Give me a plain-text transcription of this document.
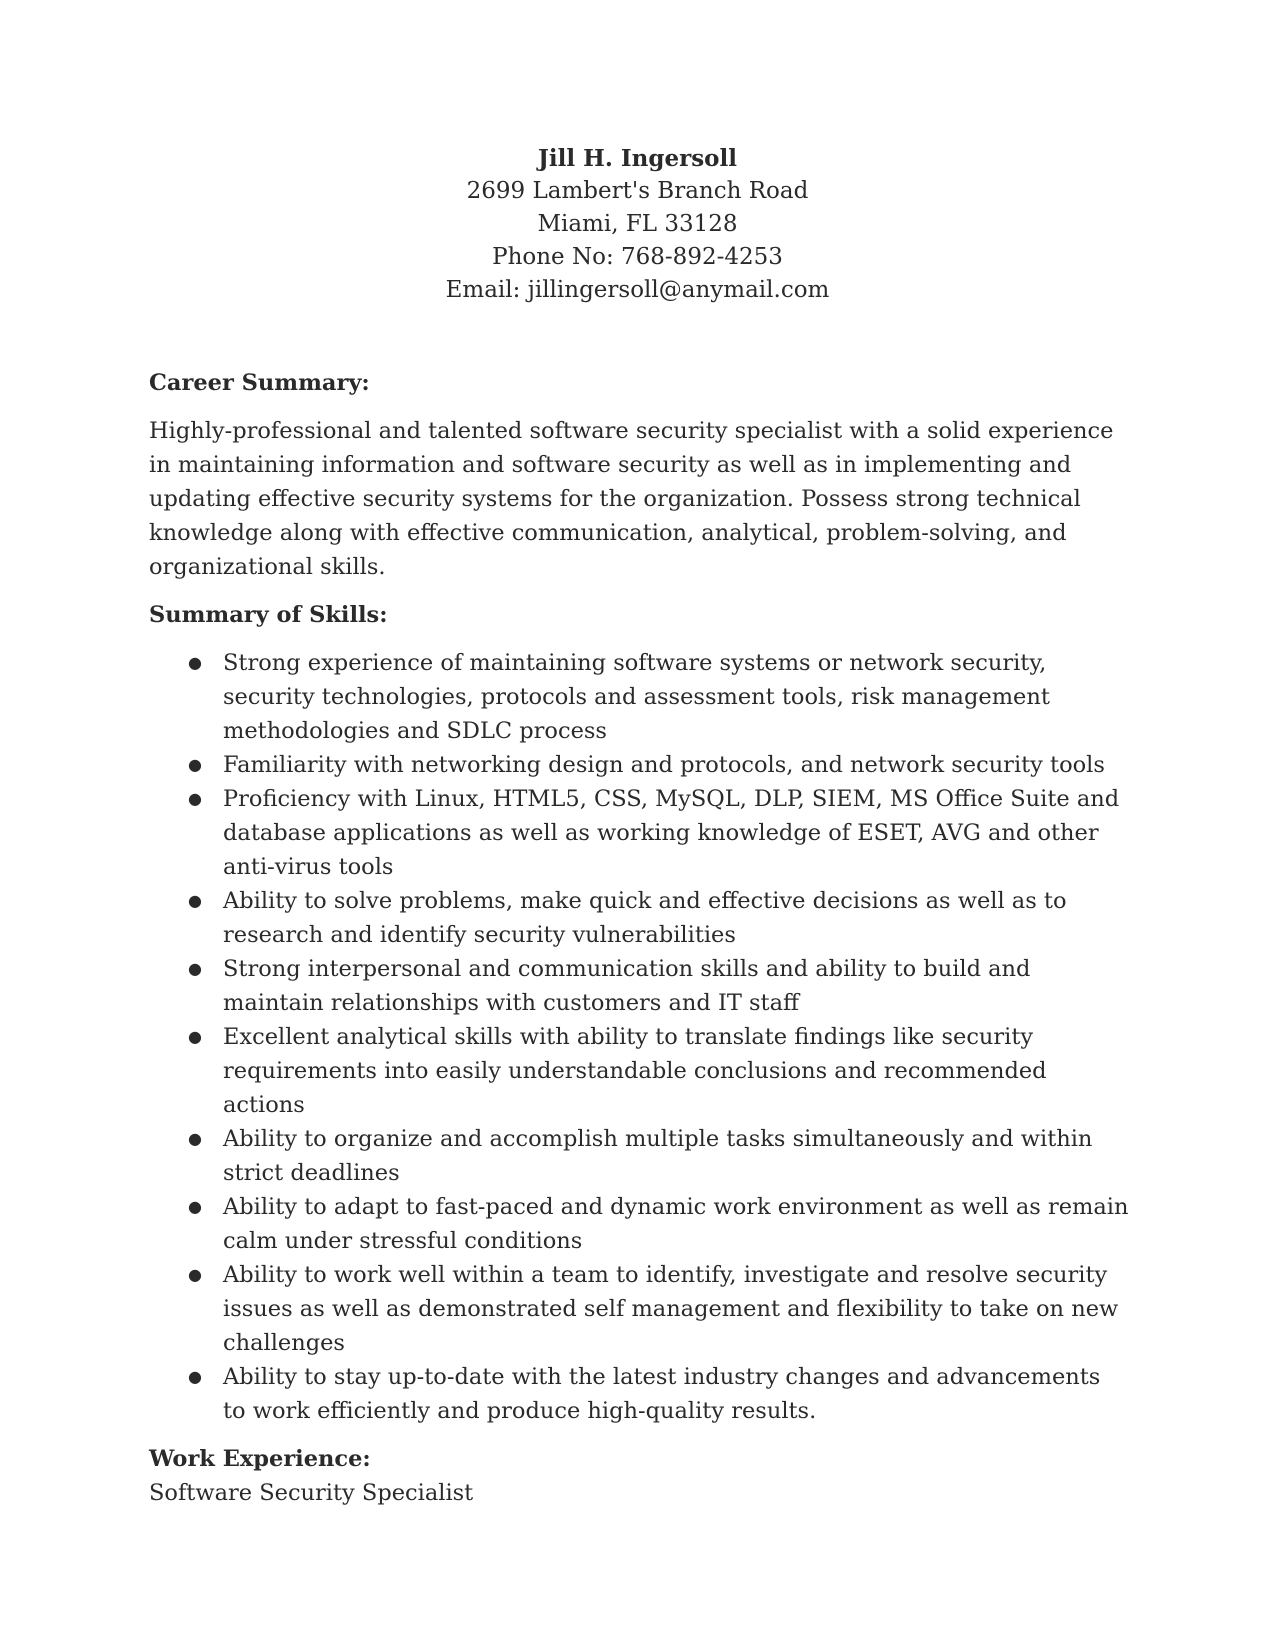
Jill H. Ingersoll
2699 Lambert's Branch Road
Miami, FL 33128
Phone No: 768-892-4253
Email: jillingersoll@anymail.com
Career Summary:
Highly-professional and talented software security specialist with a solid experience in maintaining information and software security as well as in implementing and updating effective security systems for the organization. Possess strong technical knowledge along with effective communication, analytical, problem-solving, and organizational skills.
Summary of Skills:
● Strong experience of maintaining software systems or network security, security technologies, protocols and assessment tools, risk management methodologies and SDLC process
● Familiarity with networking design and protocols, and network security tools
● Proficiency with Linux, HTML5, CSS, MySQL, DLP, SIEM, MS Office Suite and database applications as well as working knowledge of ESET, AVG and other anti-virus tools
● Ability to solve problems, make quick and effective decisions as well as to research and identify security vulnerabilities
● Strong interpersonal and communication skills and ability to build and maintain relationships with customers and IT staff
● Excellent analytical skills with ability to translate findings like security requirements into easily understandable conclusions and recommended actions
● Ability to organize and accomplish multiple tasks simultaneously and within strict deadlines
● Ability to adapt to fast-paced and dynamic work environment as well as remain calm under stressful conditions
● Ability to work well within a team to identify, investigate and resolve security issues as well as demonstrated self management and flexibility to take on new challenges
● Ability to stay up-to-date with the latest industry changes and advancements to work efficiently and produce high-quality results.
Work Experience:
Software Security Specialist
